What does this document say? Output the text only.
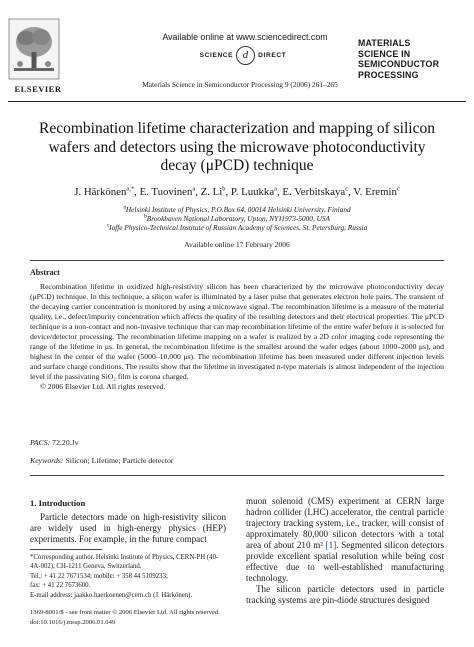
ELSEVIER
Available online at www.sciencedirect.com
SCIENCE d	DIRECT
Materials Science in Semiconductor Processing 9 (2006) 261–265
MATERIALS
SCIENCE IN
SEMICONDUCTOR
PROCESSING
Recombination lifetime characterization and mapping of silicon
wafers and detectors using the microwave photoconductivity
decay (μPCD) technique
J. Härkönen$^{a,*}$, E. Tuovinen$^a$, Z. Li$^b$, P. Luukka$^a$, E. Verbitskaya$^c$, V. Eremin$^c$
$^a$Helsinki Institute of Physics, P.O.Box 64, 00014 Helsinki University, Finland
$^b$Brookhaven National Laboratory, Upton, NY11973-5000, USA
$^c$Ioffe Physico-Technical Institute of Russian Academy of Sciences, St. Petersburg, Russia
Available online 17 February 2006
Abstract
Recombination lifetime in oxidized high-resistivity silicon has been characterized by the microwave photoconductivity decay (μPCD) technique. In this technique, a silicon wafer is illuminated by a laser pulse that generates electron hole pairs. The transient of the decaying carrier concentration is monitored by using a microwave signal. The recombination lifetime is a measure of the material quality, i.e., defect/impurity concentration which affects the quality of the resulting detectors and their electrical properties. The μPCD technique is a non-contact and non-invasive technique that can map recombination lifetime of the entire wafer before it is selected for device/detector processing. The recombination lifetime mapping on a wafer is realized by a 2D color imaging code representing the range of the lifetime in μs. In general, the recombination lifetime is the smallest around the wafer edges (about 1000–2000 μs), and highest in the center of the wafer (5000–10,000 μs). The recombination lifetime has been measured under different injection levels and surface charge conditions. The results show that the lifetime in investigated n-type materials is almost independent of the injection level if the passivating SiO₂ film is corona charged.
© 2006 Elsevier Ltd. All rights reserved.
PACS: 72.20.Jv
Keywords: Silicon; Lifetime; Particle detector
1. Introduction
Particle detectors made on high-resistivity silicon are widely used in high-energy physics (HEP) experiments. For example, in the future compact

muon solenoid (CMS) experiment at CERN large hadron collider (LHC) accelerator, the central particle trajectory tracking system, i.e., tracker, will consist of approximately 80,000 silicon detectors with a total area of about 210 m² [1]. Segmented silicon detectors provide excellent spatial resolution while being cost effective due to well-established manufacturing technology.

The silicon particle detectors used in particle tracking systems are pin-diode structures designed

*Corresponding author. Helsinki Institute of Physics, CERN-PH (40-4A-002), CH-1211 Geneva, Switzerland.
Tel.: + 41 22 7671534; mobile: + 358 44 5109233;
fax: + 41 22 7673600.
E-mail address: jaakko.haerkoenen@cern.ch (J. Härkönen).
1369-8001/$ - see front matter © 2006 Elsevier Ltd. All rights reserved.
doi:10.1016/j.mssp.2006.01.049
